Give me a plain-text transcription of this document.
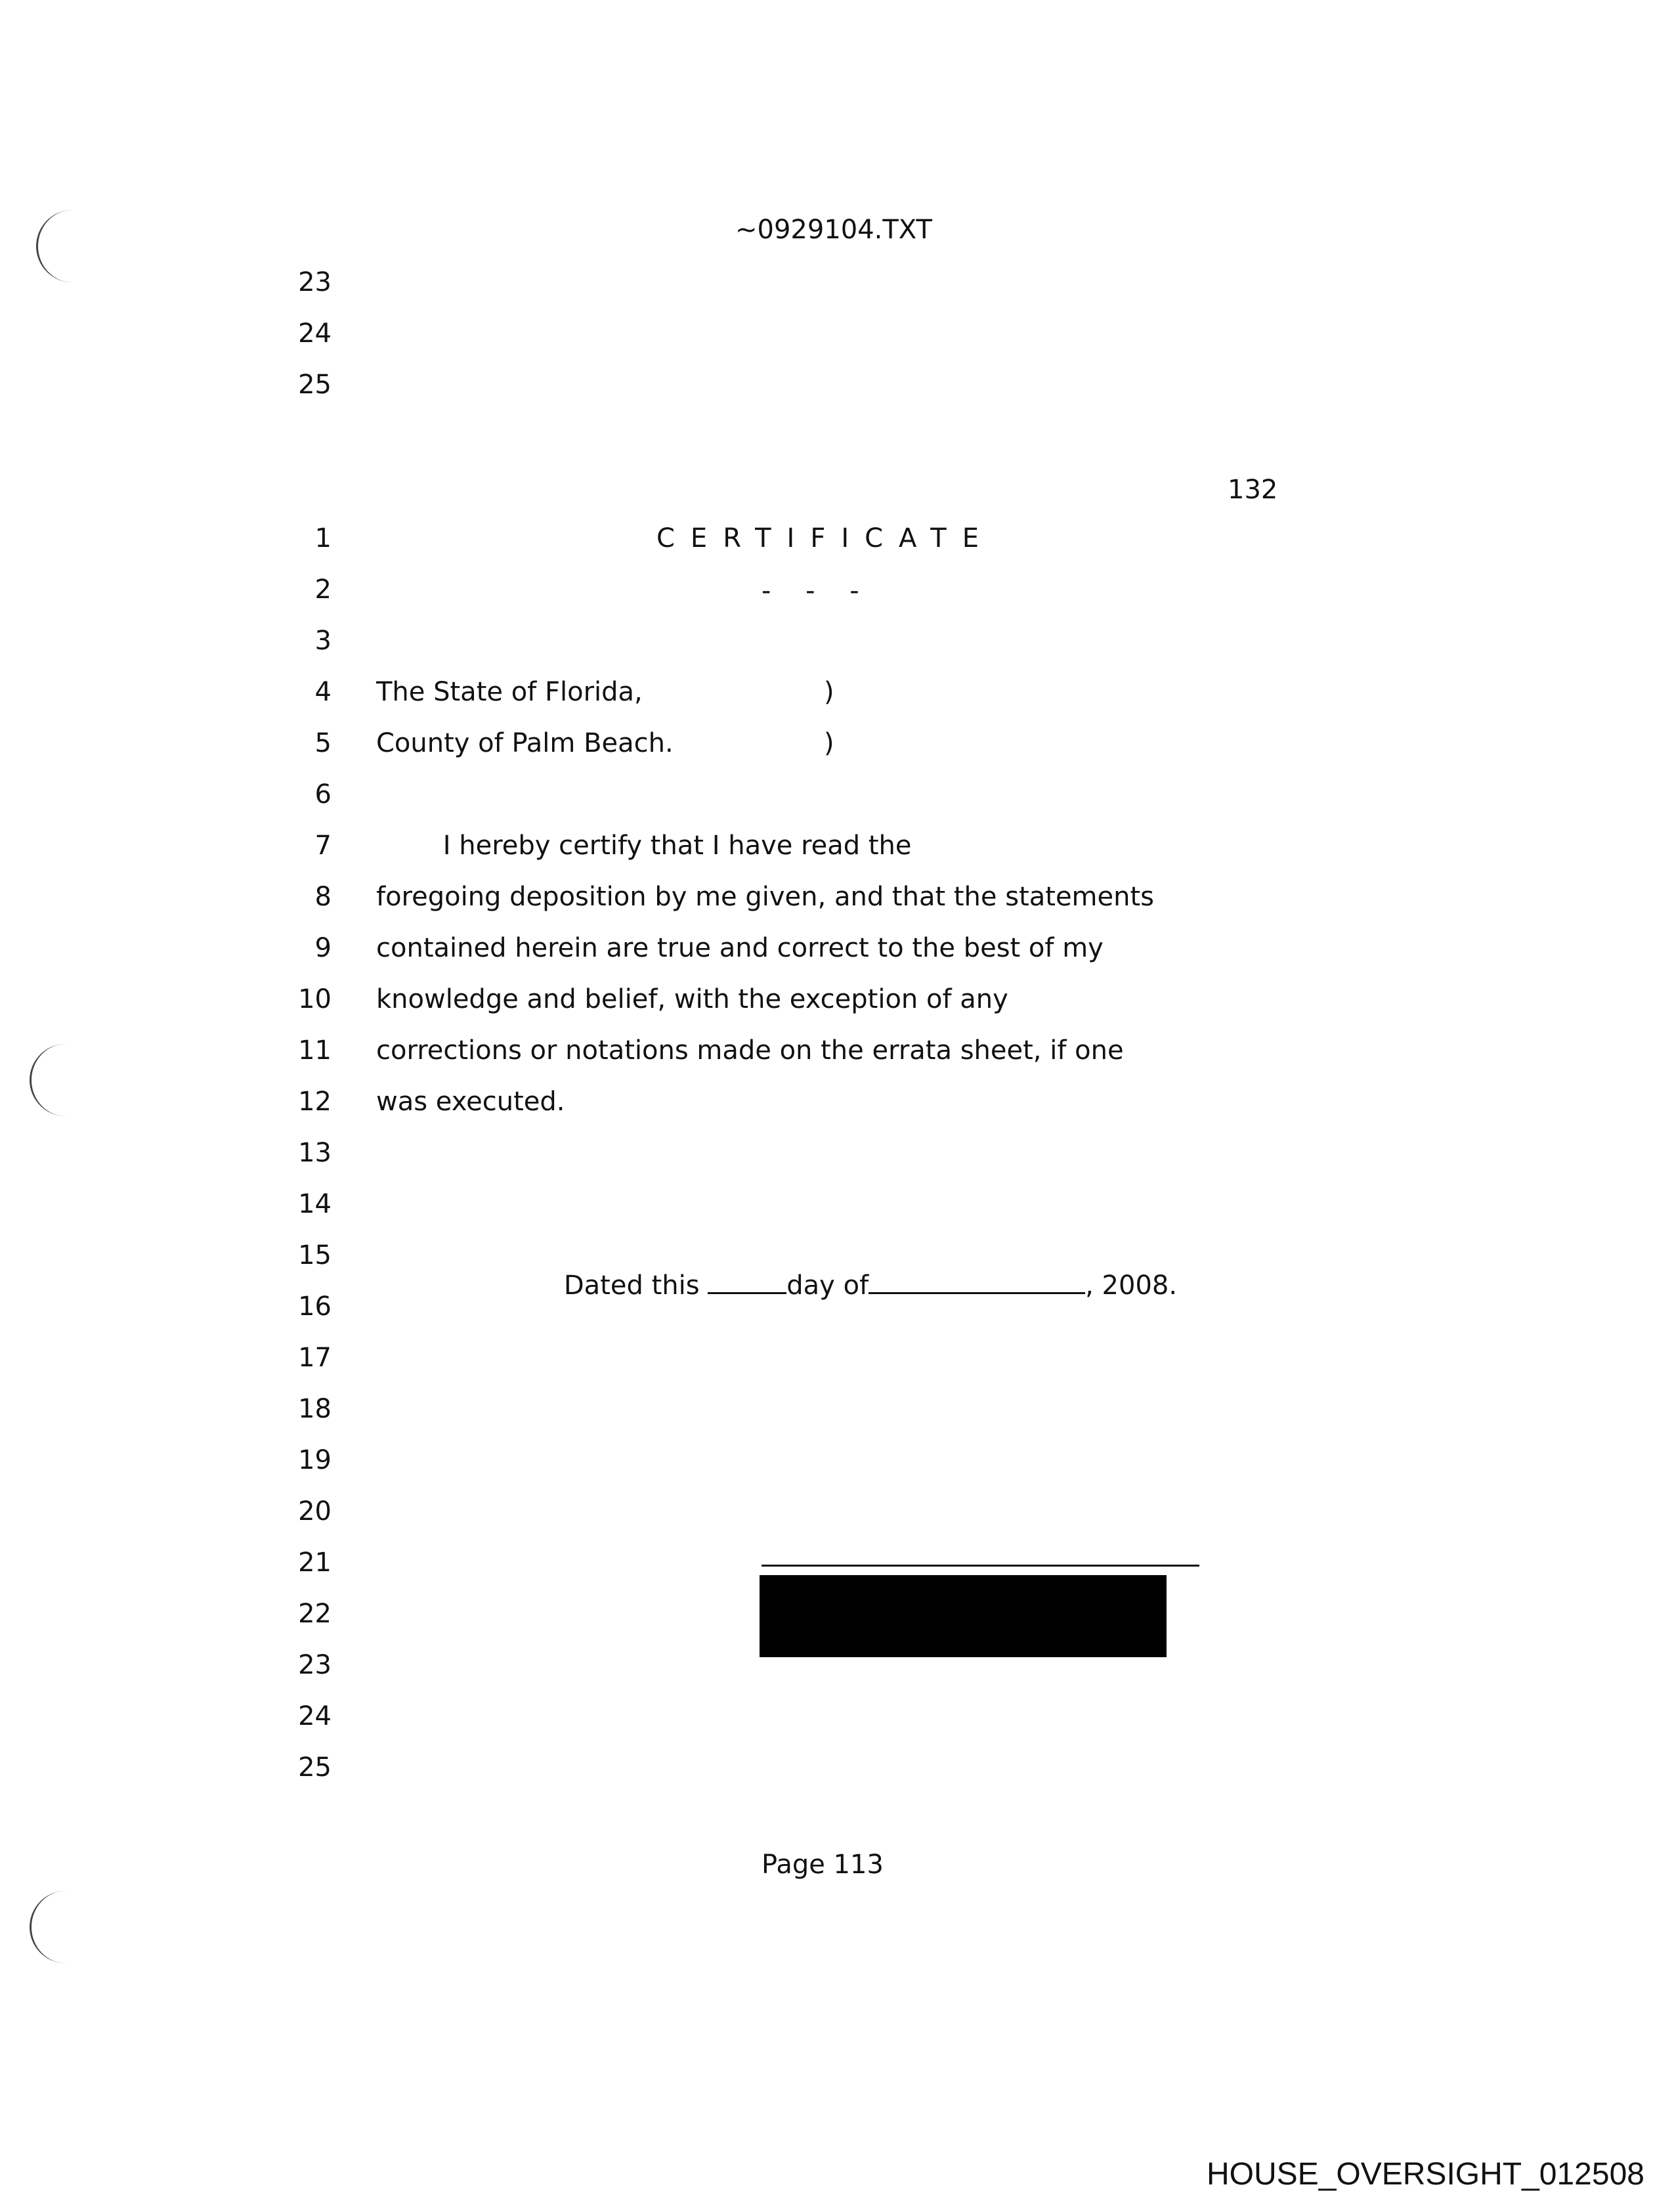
~0929104.TXT
23
24
25
132
1
2
3
4
5
6
7
8
9
10
11
12
13
14
15
16
17
18
19
20
21
22
23
24
25
CERTIFICATE
- - -
The State of Florida,	)
County of Palm Beach.	)
I hereby certify that I have read the
foregoing deposition by me given, and that the statements
contained herein are true and correct to the best of my
knowledge and belief, with the exception of any
corrections or notations made on the errata sheet, if one
was executed.

Dated this	day of	, 2008.

Page 113
HOUSE_OVERSIGHT_012508
